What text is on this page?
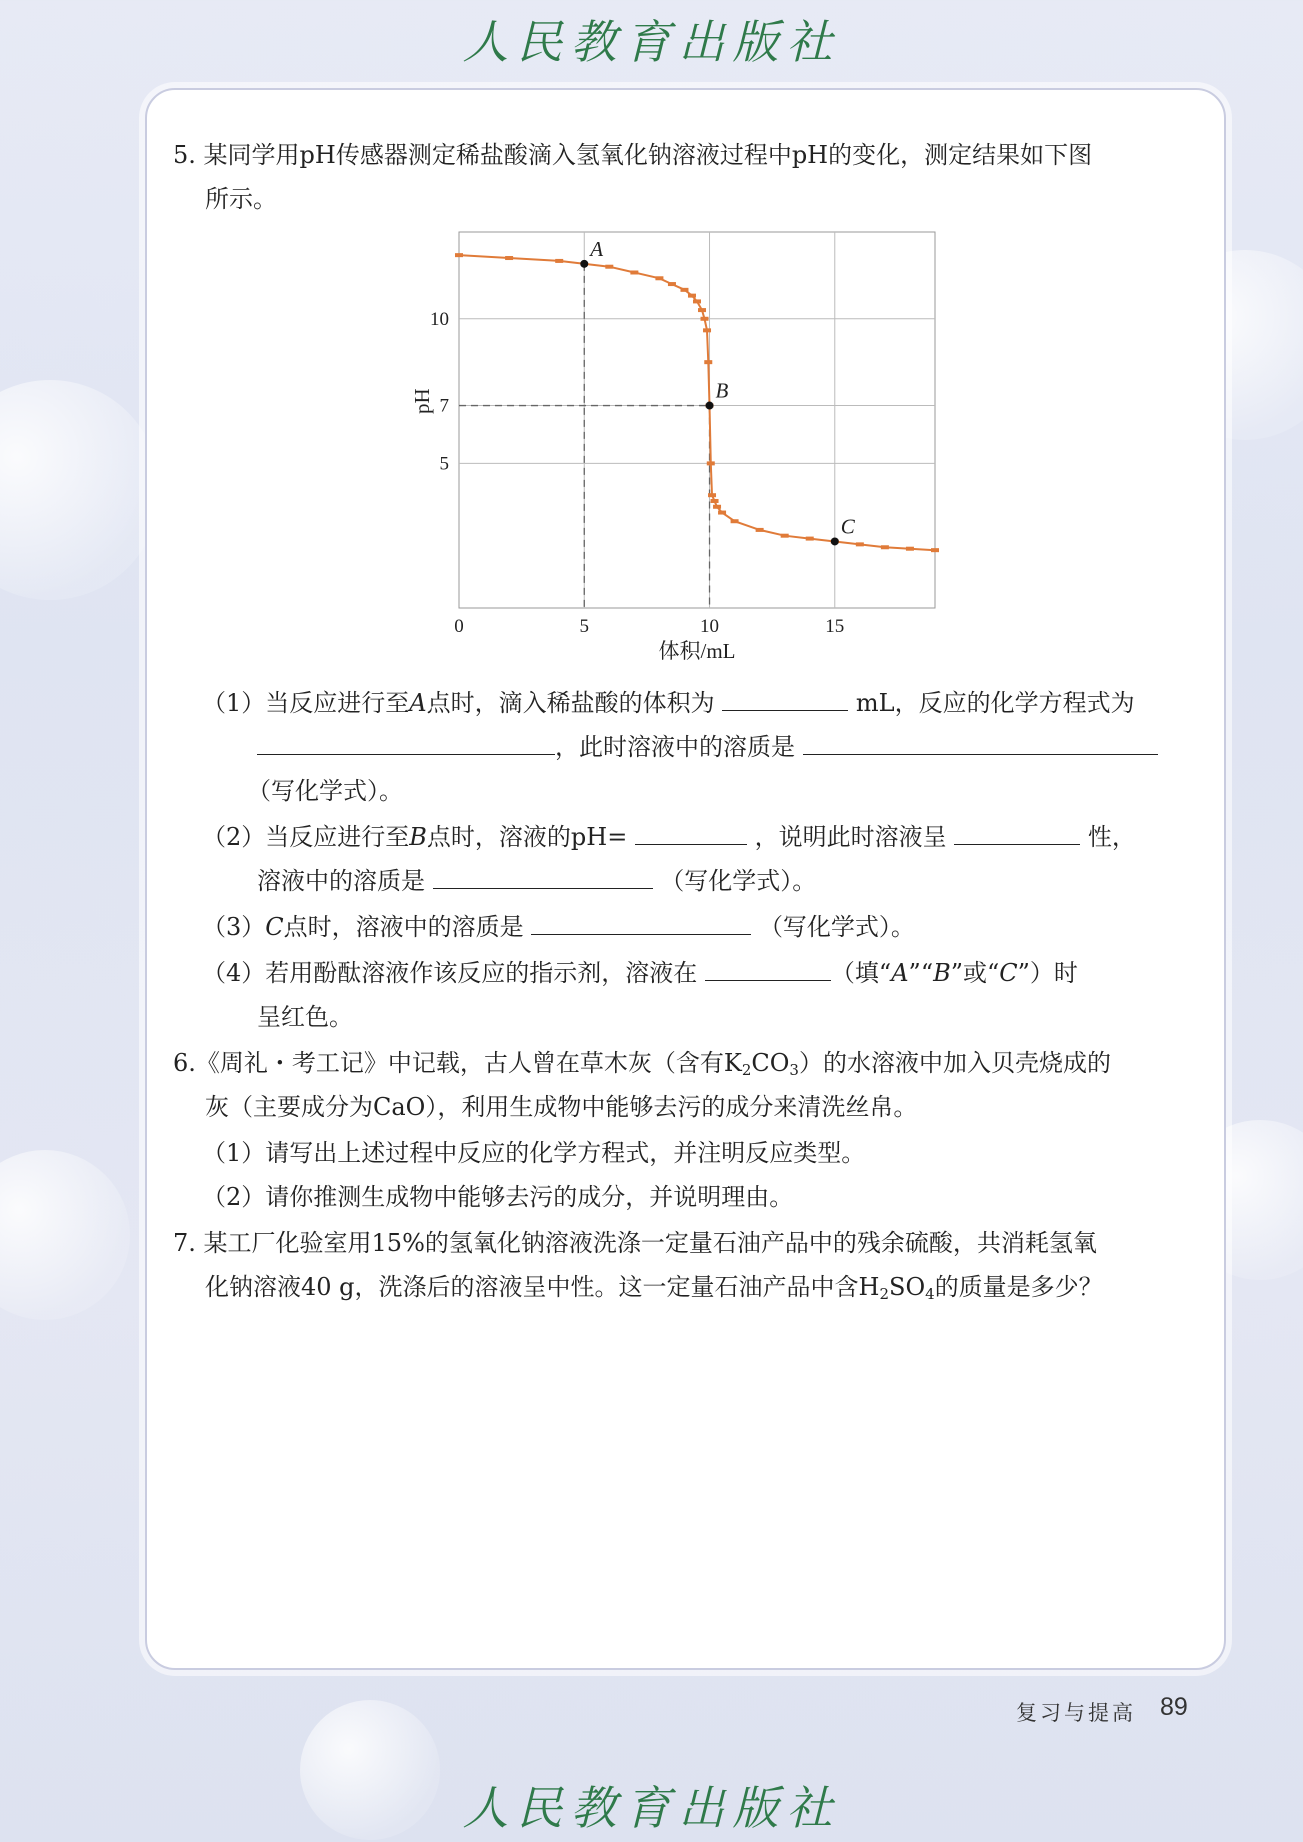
人民教育出版社
5. 某同学用pH传感器测定稀盐酸滴入氢氧化钠溶液过程中pH的变化，测定结果如下图
所示。
A
B
C
0	5	10	15
5
7
10
体积/mL
pH
（1）当反应进行至A点时，滴入稀盐酸的体积为	mL，反应的化学方程式为
，此时溶液中的溶质是
（写化学式）。
（2）当反应进行至B点时，溶液的pH=	，说明此时溶液呈	性，
溶液中的溶质是	（写化学式）。
（3）C点时，溶液中的溶质是	（写化学式）。
（4）若用酚酞溶液作该反应的指示剂，溶液在	（填“A”“B”或“C”）时
呈红色。
6.《周礼・考工记》中记载，古人曾在草木灰（含有$K_2CO_3$）的水溶液中加入贝壳烧成的
灰（主要成分为CaO），利用生成物中能够去污的成分来清洗丝帛。
（1）请写出上述过程中反应的化学方程式，并注明反应类型。
（2）请你推测生成物中能够去污的成分，并说明理由。
7. 某工厂化验室用15%的氢氧化钠溶液洗涤一定量石油产品中的残余硫酸，共消耗氢氧
化钠溶液40 g，洗涤后的溶液呈中性。这一定量石油产品中含$H_2SO_4$的质量是多少？
复习与提高 89
人民教育出版社
